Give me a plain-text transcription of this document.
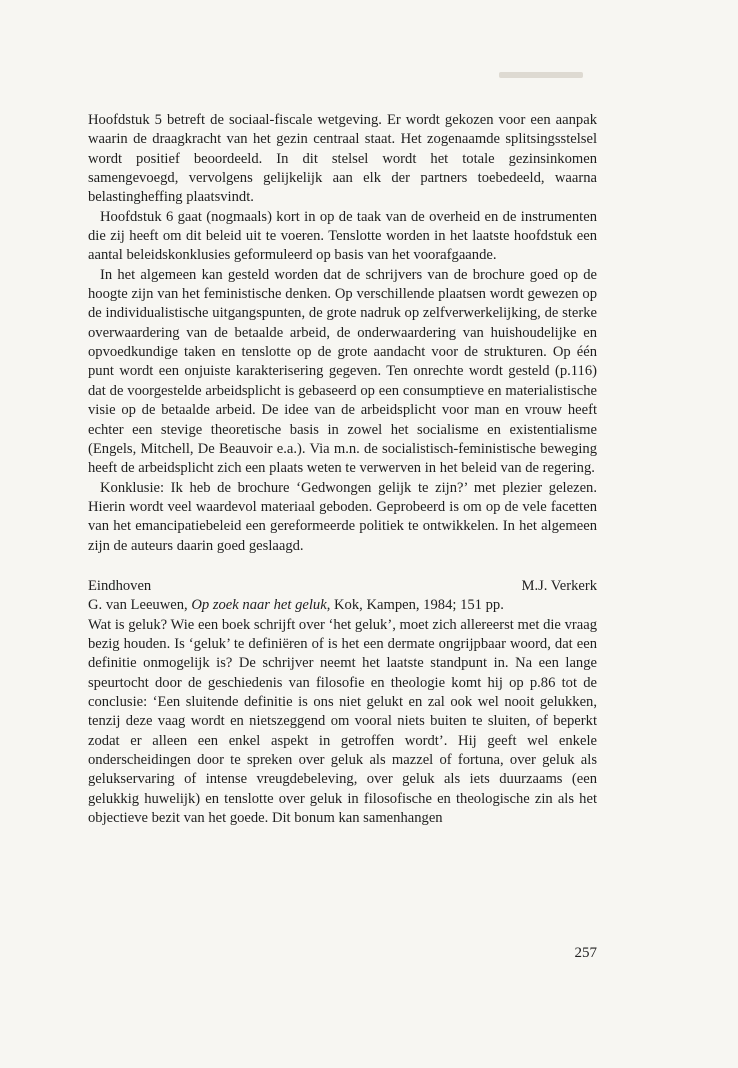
Hoofdstuk 5 betreft de sociaal-fiscale wetgeving. Er wordt gekozen voor een aanpak waarin de draagkracht van het gezin centraal staat. Het zogenaamde splitsingsstelsel wordt positief beoordeeld. In dit stelsel wordt het totale gezinsinkomen samengevoegd, vervolgens gelijkelijk aan elk der partners toebedeeld, waarna belastingheffing plaatsvindt.

Hoofdstuk 6 gaat (nogmaals) kort in op de taak van de overheid en de instrumenten die zij heeft om dit beleid uit te voeren. Tenslotte worden in het laatste hoofdstuk een aantal beleidskonklusies geformuleerd op basis van het voorafgaande.

In het algemeen kan gesteld worden dat de schrijvers van de brochure goed op de hoogte zijn van het feministische denken. Op verschillende plaatsen wordt gewezen op de individualistische uitgangspunten, de grote nadruk op zelfverwerkelijking, de sterke overwaardering van de betaalde arbeid, de onderwaardering van huishoudelijke en opvoedkundige taken en tenslotte op de grote aandacht voor de strukturen. Op één punt wordt een onjuiste karakterisering gegeven. Ten onrechte wordt gesteld (p.116) dat de voorgestelde arbeidsplicht is gebaseerd op een consumptieve en materialistische visie op de betaalde arbeid. De idee van de arbeidsplicht voor man en vrouw heeft echter een stevige theoretische basis in zowel het socialisme en existentialisme (Engels, Mitchell, De Beauvoir e.a.). Via m.n. de socialistisch-feministische beweging heeft de arbeidsplicht zich een plaats weten te verwerven in het beleid van de regering.

Konklusie: Ik heb de brochure ‘Gedwongen gelijk te zijn?’ met plezier gelezen. Hierin wordt veel waardevol materiaal geboden. Geprobeerd is om op de vele facetten van het emancipatiebeleid een gereformeerde politiek te ontwikkelen. In het algemeen zijn de auteurs daarin goed geslaagd.

Eindhoven	M.J. Verkerk

G. van Leeuwen, Op zoek naar het geluk, Kok, Kampen, 1984; 151 pp.

Wat is geluk? Wie een boek schrijft over ‘het geluk’, moet zich allereerst met die vraag bezig houden. Is ‘geluk’ te definiëren of is het een dermate ongrijpbaar woord, dat een definitie onmogelijk is? De schrijver neemt het laatste standpunt in. Na een lange speurtocht door de geschiedenis van filosofie en theologie komt hij op p.86 tot de conclusie: ‘Een sluitende definitie is ons niet gelukt en zal ook wel nooit gelukken, tenzij deze vaag wordt en nietszeggend om vooral niets buiten te sluiten, of beperkt zodat er alleen een enkel aspekt in getroffen wordt’. Hij geeft wel enkele onderscheidingen door te spreken over geluk als mazzel of fortuna, over geluk als gelukservaring of intense vreugdebeleving, over geluk als iets duurzaams (een gelukkig huwelijk) en tenslotte over geluk in filosofische en theologische zin als het objectieve bezit van het goede. Dit bonum kan samenhangen

257
